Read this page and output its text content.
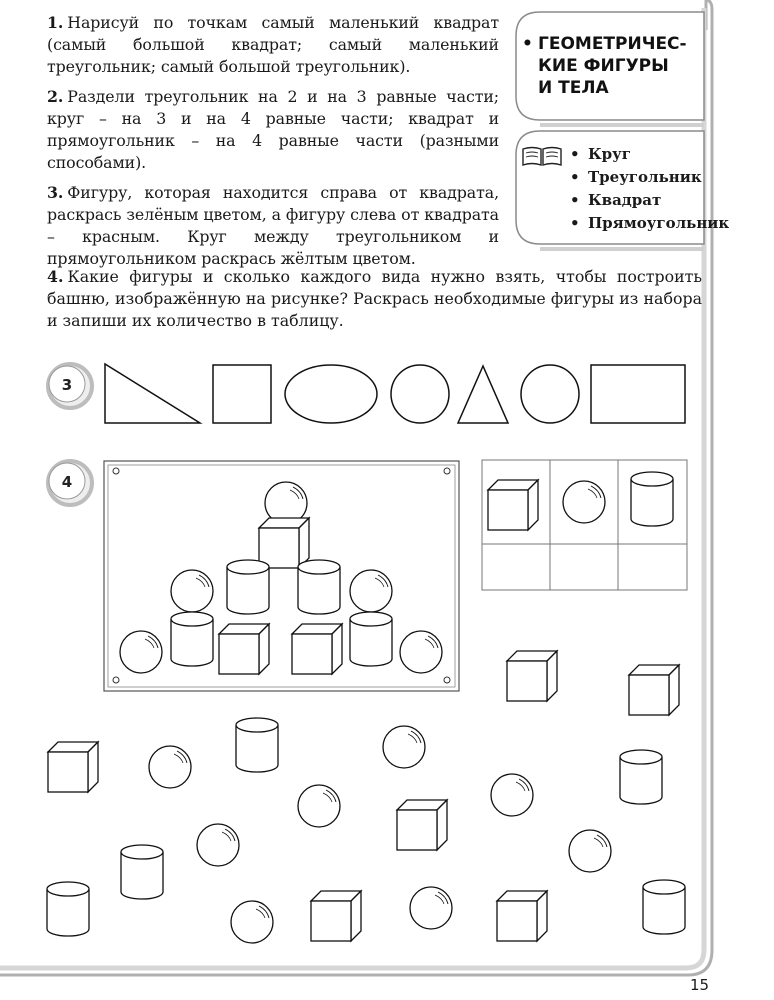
1. Нарисуй по точкам самый маленький квадрат (самый большой квадрат; самый маленький треугольник; самый большой треугольник).

2. Раздели треугольник на 2 и на 3 равные части; круг – на 3 и на 4 равные части; квадрат и прямоугольник – на 4 равные части (разными способами).

3. Фигуру, которая находится справа от квадрата, раскрась зелёным цветом, а фигуру слева от квадрата – красным. Круг между треугольником и прямоугольником раскрась жёлтым цветом.

4. Какие фигуры и сколько каждого вида нужно взять, чтобы построить башню, изображённую на рисунке? Раскрась необходимые фигуры из набора и запиши их количество в таблицу.
• ГЕОМЕТРИЧЕС-
КИЕ ФИГУРЫ
И ТЕЛА
• Круг
• Треугольник
• Квадрат
• Прямоугольник
3
4
15
